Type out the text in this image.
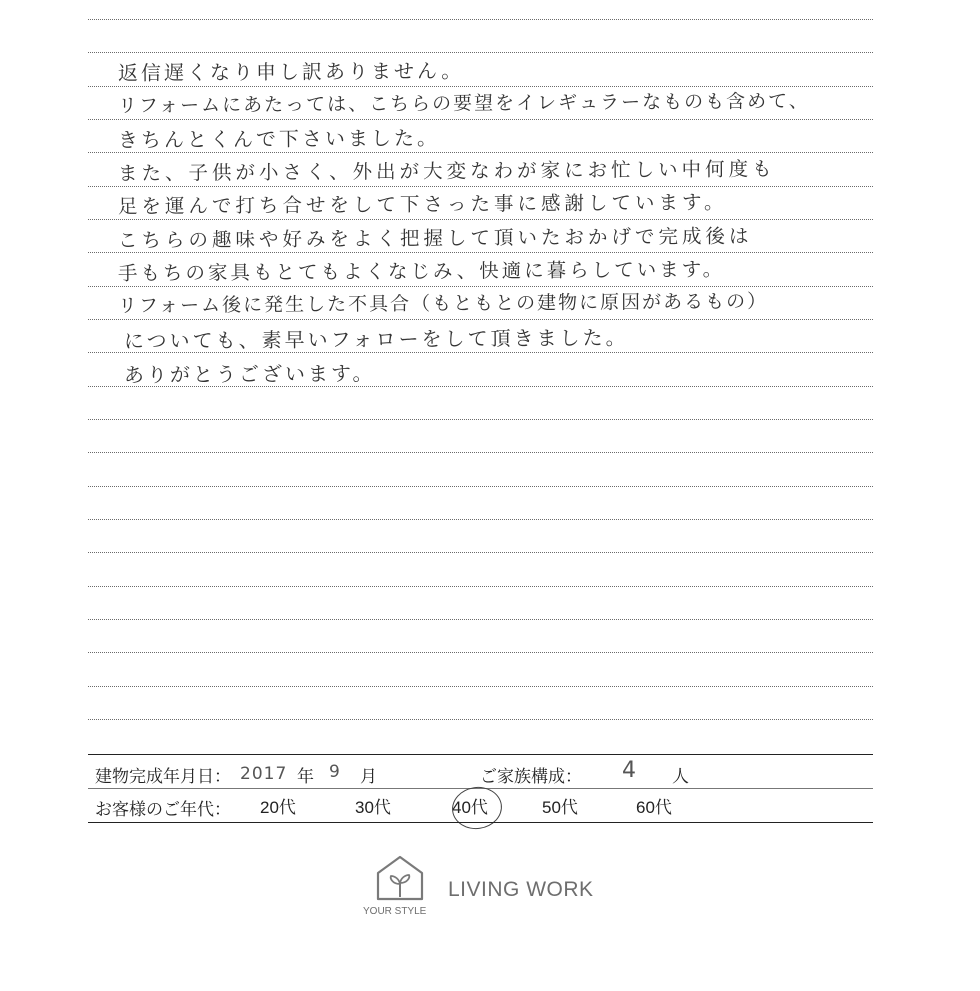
返信遅くなり申し訳ありません。
リフォームにあたっては、こちらの要望をイレギュラーなものも含めて、
きちんとくんで下さいました。
また、子供が小さく、外出が大変なわが家にお忙しい中何度も
足を運んで打ち合せをして下さった事に感謝しています。
こちらの趣味や好みをよく把握して頂いたおかげで完成後は
手もちの家具もとてもよくなじみ、快適に暮らしています。
リフォーム後に発生した不具合（もともとの建物に原因があるもの）
についても、素早いフォローをして頂きました。
ありがとうございます。
建物完成年月日： 2017 年 9 月	ご家族構成： 4 人
お客様のご年代： 20代	30代	40代	50代	60代
LIVING WORK
YOUR STYLE
